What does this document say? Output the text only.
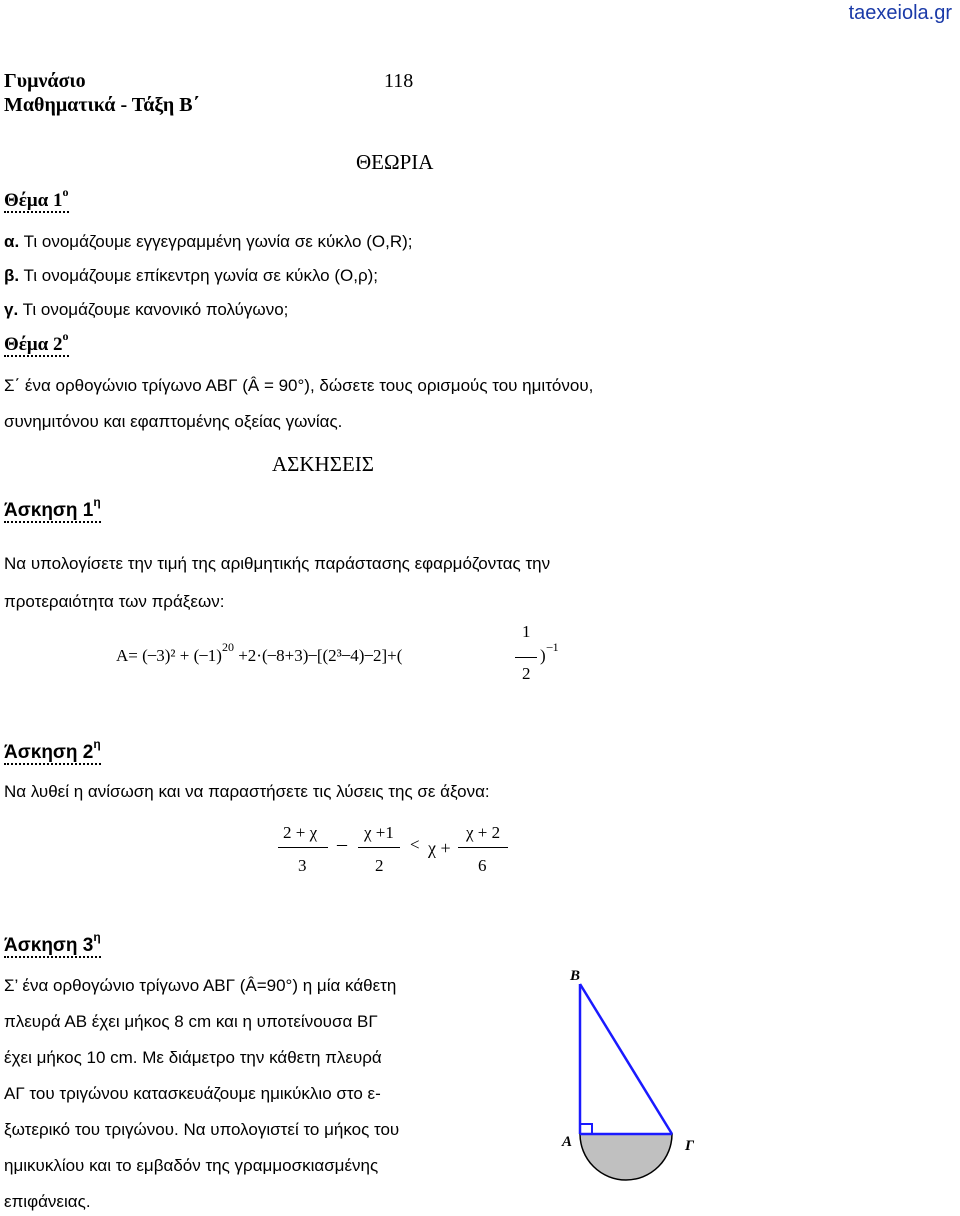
taexeiola.gr
Γυμνάσιο
Μαθηματικά - Τάξη Β΄
118
ΘΕΩΡΙΑ
Θέμα $1^o$
α. Τι ονομάζουμε εγγεγραμμένη γωνία σε κύκλο (O,R);
β. Τι ονομάζουμε επίκεντρη γωνία σε κύκλο (O,ρ);
γ. Τι ονομάζουμε κανονικό πολύγωνο;
Θέμα $2^o$
Σ΄ ένα ορθογώνιο τρίγωνο ΑΒΓ (Â = 90°), δώσετε τους ορισμούς του ημιτόνου,
συνημιτόνου και εφαπτομένης οξείας γωνίας.
ΑΣΚΗΣΕΙΣ
Άσκηση $1^\eta$
Να υπολογίσετε την τιμή της αριθμητικής παράστασης εφαρμόζοντας την
προτεραιότητα των πράξεων:
Α= ( ̶ 3)² + ( ̶ 1)$^{20}$ +2·( ̶ 8+3) ̶ [(2³ ̶ 4) ̶ 2]+(
1
2
) $^{̶ 1}$
Άσκηση $2^\eta$
Να λυθεί η ανίσωση και να παραστήσετε τις λύσεις της σε άξονα:
2 + χ
3
–
χ +1
2
< χ +
χ + 2
6
Άσκηση $3^\eta$
Σ’ ένα ορθογώνιο τρίγωνο ΑΒΓ (Â=90°) η μία κάθετη
πλευρά ΑΒ έχει μήκος 8 cm και η υποτείνουσα ΒΓ
έχει μήκος 10 cm. Με διάμετρο την κάθετη πλευρά
ΑΓ του τριγώνου κατασκευάζουμε ημικύκλιο στο ε-
ξωτερικό του τριγώνου. Να υπολογιστεί το μήκος του
ημικυκλίου και το εμβαδόν της γραμμοσκιασμένης
επιφάνειας.
Β
Α	Γ
